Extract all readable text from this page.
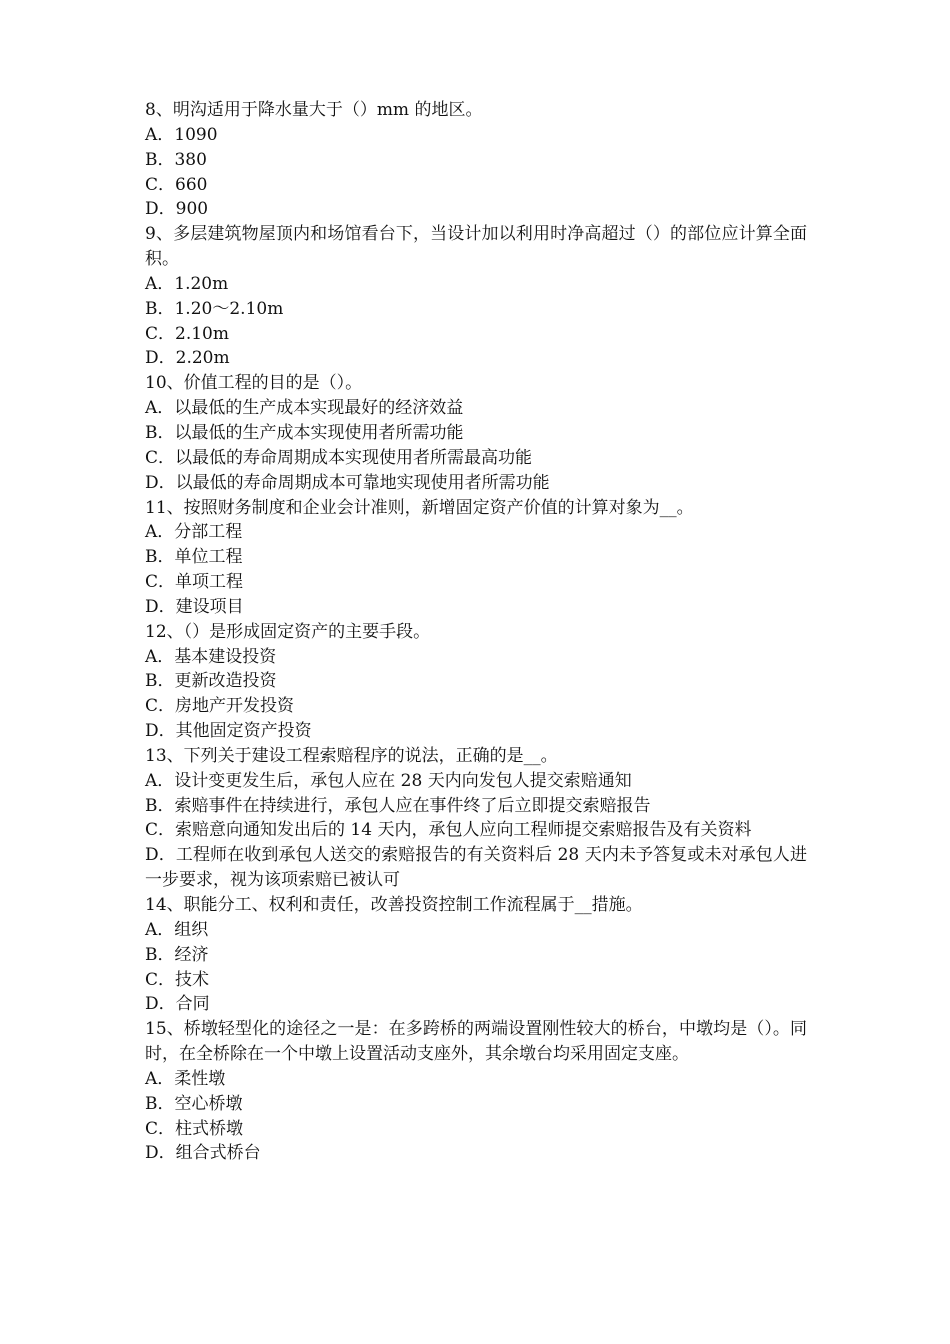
8、明沟适用于降水量大于（）mm 的地区。

A．1090

B．380

C．660

D．900

9、多层建筑物屋顶内和场馆看台下，当设计加以利用时净高超过（）的部位应计算全面积。

A．1.20m

B．1.20～2.10m

C．2.10m

D．2.20m

10、价值工程的目的是（）。

A．以最低的生产成本实现最好的经济效益

B．以最低的生产成本实现使用者所需功能

C．以最低的寿命周期成本实现使用者所需最高功能

D．以最低的寿命周期成本可靠地实现使用者所需功能

11、按照财务制度和企业会计准则，新增固定资产价值的计算对象为__。

A．分部工程

B．单位工程

C．单项工程

D．建设项目

12、（）是形成固定资产的主要手段。

A．基本建设投资

B．更新改造投资

C．房地产开发投资

D．其他固定资产投资

13、下列关于建设工程索赔程序的说法，正确的是__。

A．设计变更发生后，承包人应在 28 天内向发包人提交索赔通知

B．索赔事件在持续进行，承包人应在事件终了后立即提交索赔报告

C．索赔意向通知发出后的 14 天内，承包人应向工程师提交索赔报告及有关资料

D．工程师在收到承包人送交的索赔报告的有关资料后 28 天内未予答复或未对承包人进一步要求，视为该项索赔已被认可

14、职能分工、权利和责任，改善投资控制工作流程属于__措施。

A．组织

B．经济

C．技术

D．合同

15、桥墩轻型化的途径之一是：在多跨桥的两端设置刚性较大的桥台，中墩均是（）。同时，在全桥除在一个中墩上设置活动支座外，其余墩台均采用固定支座。

A．柔性墩

B．空心桥墩

C．柱式桥墩

D．组合式桥台
